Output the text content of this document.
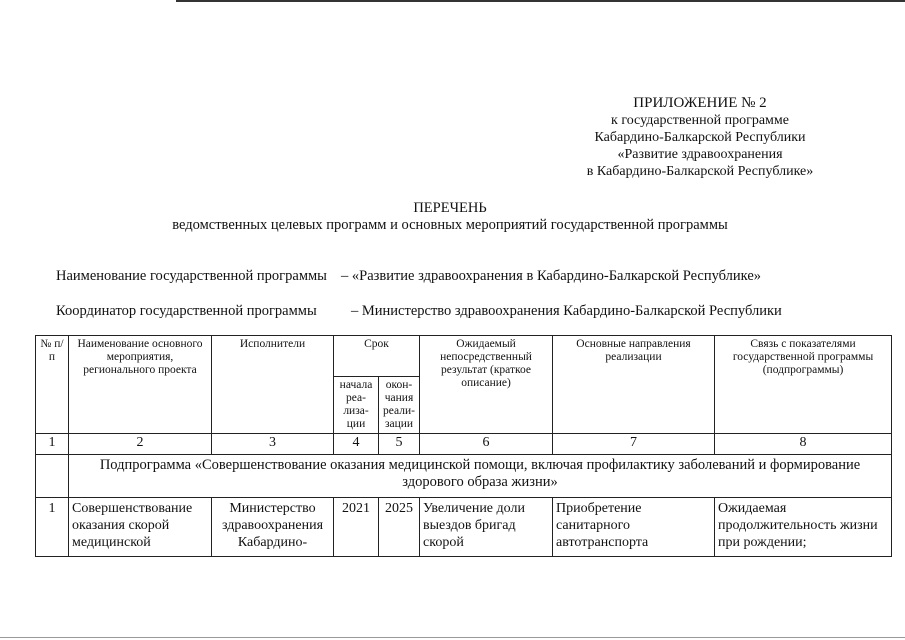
ПРИЛОЖЕНИЕ № 2
к государственной программе
Кабардино-Балкарской Республики
«Развитие здравоохранения
в Кабардино-Балкарской Республике»
ПЕРЕЧЕНЬ
ведомственных целевых программ и основных мероприятий государственной программы
Наименование государственной программы – «Развитие здравоохранения в Кабардино-Балкарской Республике»
Координатор государственной программы – Министерство здравоохранения Кабардино-Балкарской Республики
№ п/п	Наименование основного мероприятия, регионального проекта	Исполнители	Срок		Ожидаемый непосредственный результат (краткое описание)	Основные направления реализации	Связь с показателями государственной программы (подпрограммы)
			начала реа-лиза-ции	окон-чания реали-зации			
1	2	3	4	5	6	7	8
	Подпрограмма «Совершенствование оказания медицинской помощи, включая профилактику заболеваний и формирование здорового образа жизни»						
1	Совершенствование оказания скорой медицинской	Министерство здравоохранения Кабардино-	2021	2025	Увеличение доли выездов бригад скорой	Приобретение санитарного автотранспорта	Ожидаемая продолжительность жизни при рождении;
